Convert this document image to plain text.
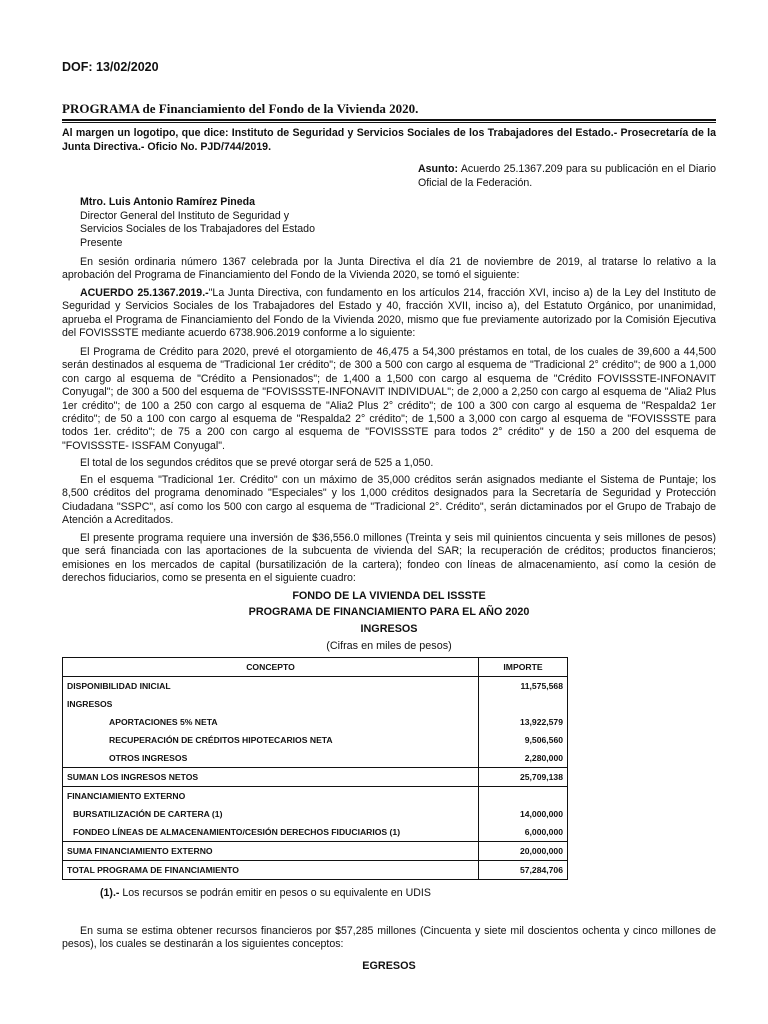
DOF: 13/02/2020
PROGRAMA de Financiamiento del Fondo de la Vivienda 2020.
Al margen un logotipo, que dice: Instituto de Seguridad y Servicios Sociales de los Trabajadores del Estado.- Prosecretaría de la Junta Directiva.- Oficio No. PJD/744/2019.
Asunto: Acuerdo 25.1367.209 para su publicación en el Diario Oficial de la Federación.
Mtro. Luis Antonio Ramírez Pineda
Director General del Instituto de Seguridad y
Servicios Sociales de los Trabajadores del Estado
Presente

En sesión ordinaria número 1367 celebrada por la Junta Directiva el día 21 de noviembre de 2019, al tratarse lo relativo a la aprobación del Programa de Financiamiento del Fondo de la Vivienda 2020, se tomó el siguiente:

ACUERDO 25.1367.2019.-"La Junta Directiva, con fundamento en los artículos 214, fracción XVI, inciso a) de la Ley del Instituto de Seguridad y Servicios Sociales de los Trabajadores del Estado y 40, fracción XVII, inciso a), del Estatuto Orgánico, por unanimidad, aprueba el Programa de Financiamiento del Fondo de la Vivienda 2020, mismo que fue previamente autorizado por la Comisión Ejecutiva del FOVISSSTE mediante acuerdo 6738.906.2019 conforme a lo siguiente:

El Programa de Crédito para 2020, prevé el otorgamiento de 46,475 a 54,300 préstamos en total, de los cuales de 39,600 a 44,500 serán destinados al esquema de "Tradicional 1er crédito"; de 300 a 500 con cargo al esquema de "Tradicional 2° crédito"; de 900 a 1,000 con cargo al esquema de "Crédito a Pensionados"; de 1,400 a 1,500 con cargo al esquema de "Crédito FOVISSSTE-INFONAVIT Conyugal"; de 300 a 500 del esquema de "FOVISSSTE-INFONAVIT INDIVIDUAL"; de 2,000 a 2,250 con cargo al esquema de "Alia2 Plus 1er crédito"; de 100 a 250 con cargo al esquema de "Alia2 Plus 2° crédito"; de 100 a 300 con cargo al esquema de "Respalda2 1er crédito"; de 50 a 100 con cargo al esquema de "Respalda2 2° crédito"; de 1,500 a 3,000 con cargo al esquema de "FOVISSSTE para todos 1er. crédito"; de 75 a 200 con cargo al esquema de "FOVISSSTE para todos 2° crédito" y de 150 a 200 del esquema de "FOVISSSTE- ISSFAM Conyugal".

El total de los segundos créditos que se prevé otorgar será de 525 a 1,050.

En el esquema "Tradicional 1er. Crédito" con un máximo de 35,000 créditos serán asignados mediante el Sistema de Puntaje; los 8,500 créditos del programa denominado "Especiales" y los 1,000 créditos designados para la Secretaría de Seguridad y Protección Ciudadana "SSPC", así como los 500 con cargo al esquema de "Tradicional 2°. Crédito", serán dictaminados por el Grupo de Trabajo de Atención a Acreditados.

El presente programa requiere una inversión de $36,556.0 millones (Treinta y seis mil quinientos cincuenta y seis millones de pesos) que será financiada con las aportaciones de la subcuenta de vivienda del SAR; la recuperación de créditos; productos financieros; emisiones en los mercados de capital (bursatilización de la cartera); fondeo con líneas de almacenamiento, así como la cesión de derechos fiduciarios, como se presenta en el siguiente cuadro:

FONDO DE LA VIVIENDA DEL ISSSTE
PROGRAMA DE FINANCIAMIENTO PARA EL AÑO 2020
INGRESOS
(Cifras en miles de pesos)
CONCEPTO	IMPORTE
DISPONIBILIDAD INICIAL	11,575,568
INGRESOS	
APORTACIONES 5% NETA	13,922,579
RECUPERACIÓN DE CRÉDITOS HIPOTECARIOS NETA	9,506,560
OTROS INGRESOS	2,280,000
SUMAN LOS INGRESOS NETOS	25,709,138
FINANCIAMIENTO EXTERNO	
BURSATILIZACIÓN DE CARTERA (1)	14,000,000
FONDEO LÍNEAS DE ALMACENAMIENTO/CESIÓN DERECHOS FIDUCIARIOS (1)	6,000,000
SUMA FINANCIAMIENTO EXTERNO	20,000,000
TOTAL PROGRAMA DE FINANCIAMIENTO	57,284,706
(1).- Los recursos se podrán emitir en pesos o su equivalente en UDIS

En suma se estima obtener recursos financieros por $57,285 millones (Cincuenta y siete mil doscientos ochenta y cinco millones de pesos), los cuales se destinarán a los siguientes conceptos:

EGRESOS
